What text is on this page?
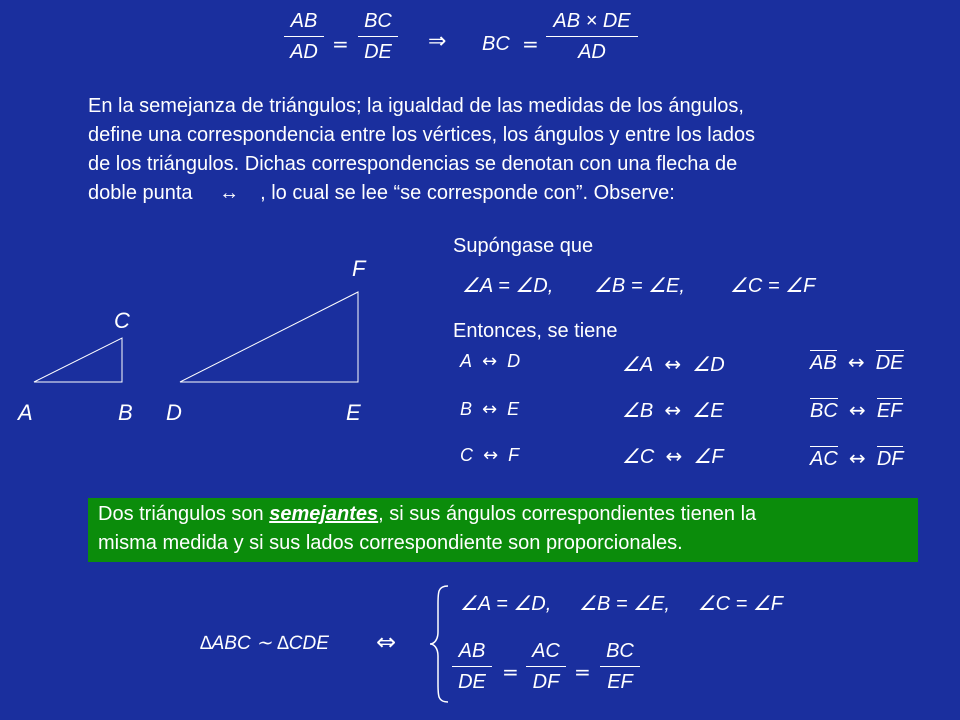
AB
AD =
BC
DE ⇒ BC =
AB × DE
AD

En la semejanza de triángulos; la igualdad de las medidas de los ángulos,

define una correspondencia entre los vértices, los ángulos y entre los lados

de los triángulos. Dichas correspondencias se denotan con una flecha de

doble punta ↔ , lo cual se lee “se corresponde con”. Observe:

A	B
C
D	E
F
Supóngase que
∠A = ∠D, ∠B = ∠E, ∠C = ∠F
Entonces, se tiene
A ↔ D
B ↔ E
C ↔ F
∠A ↔ ∠D
∠B ↔ ∠E
∠C ↔ ∠F
AB ↔ DE
BC ↔ EF
AC ↔ DF
Dos triángulos son semejantes, si sus ángulos correspondientes tienen la
misma medida y si sus lados correspondiente son proporcionales.
∆ABC ∼ ∆CDE ⇔
∠A = ∠D,     ∠B = ∠E,     ∠C = ∠F
AB
DE =
AC
DF =
BC
EF
